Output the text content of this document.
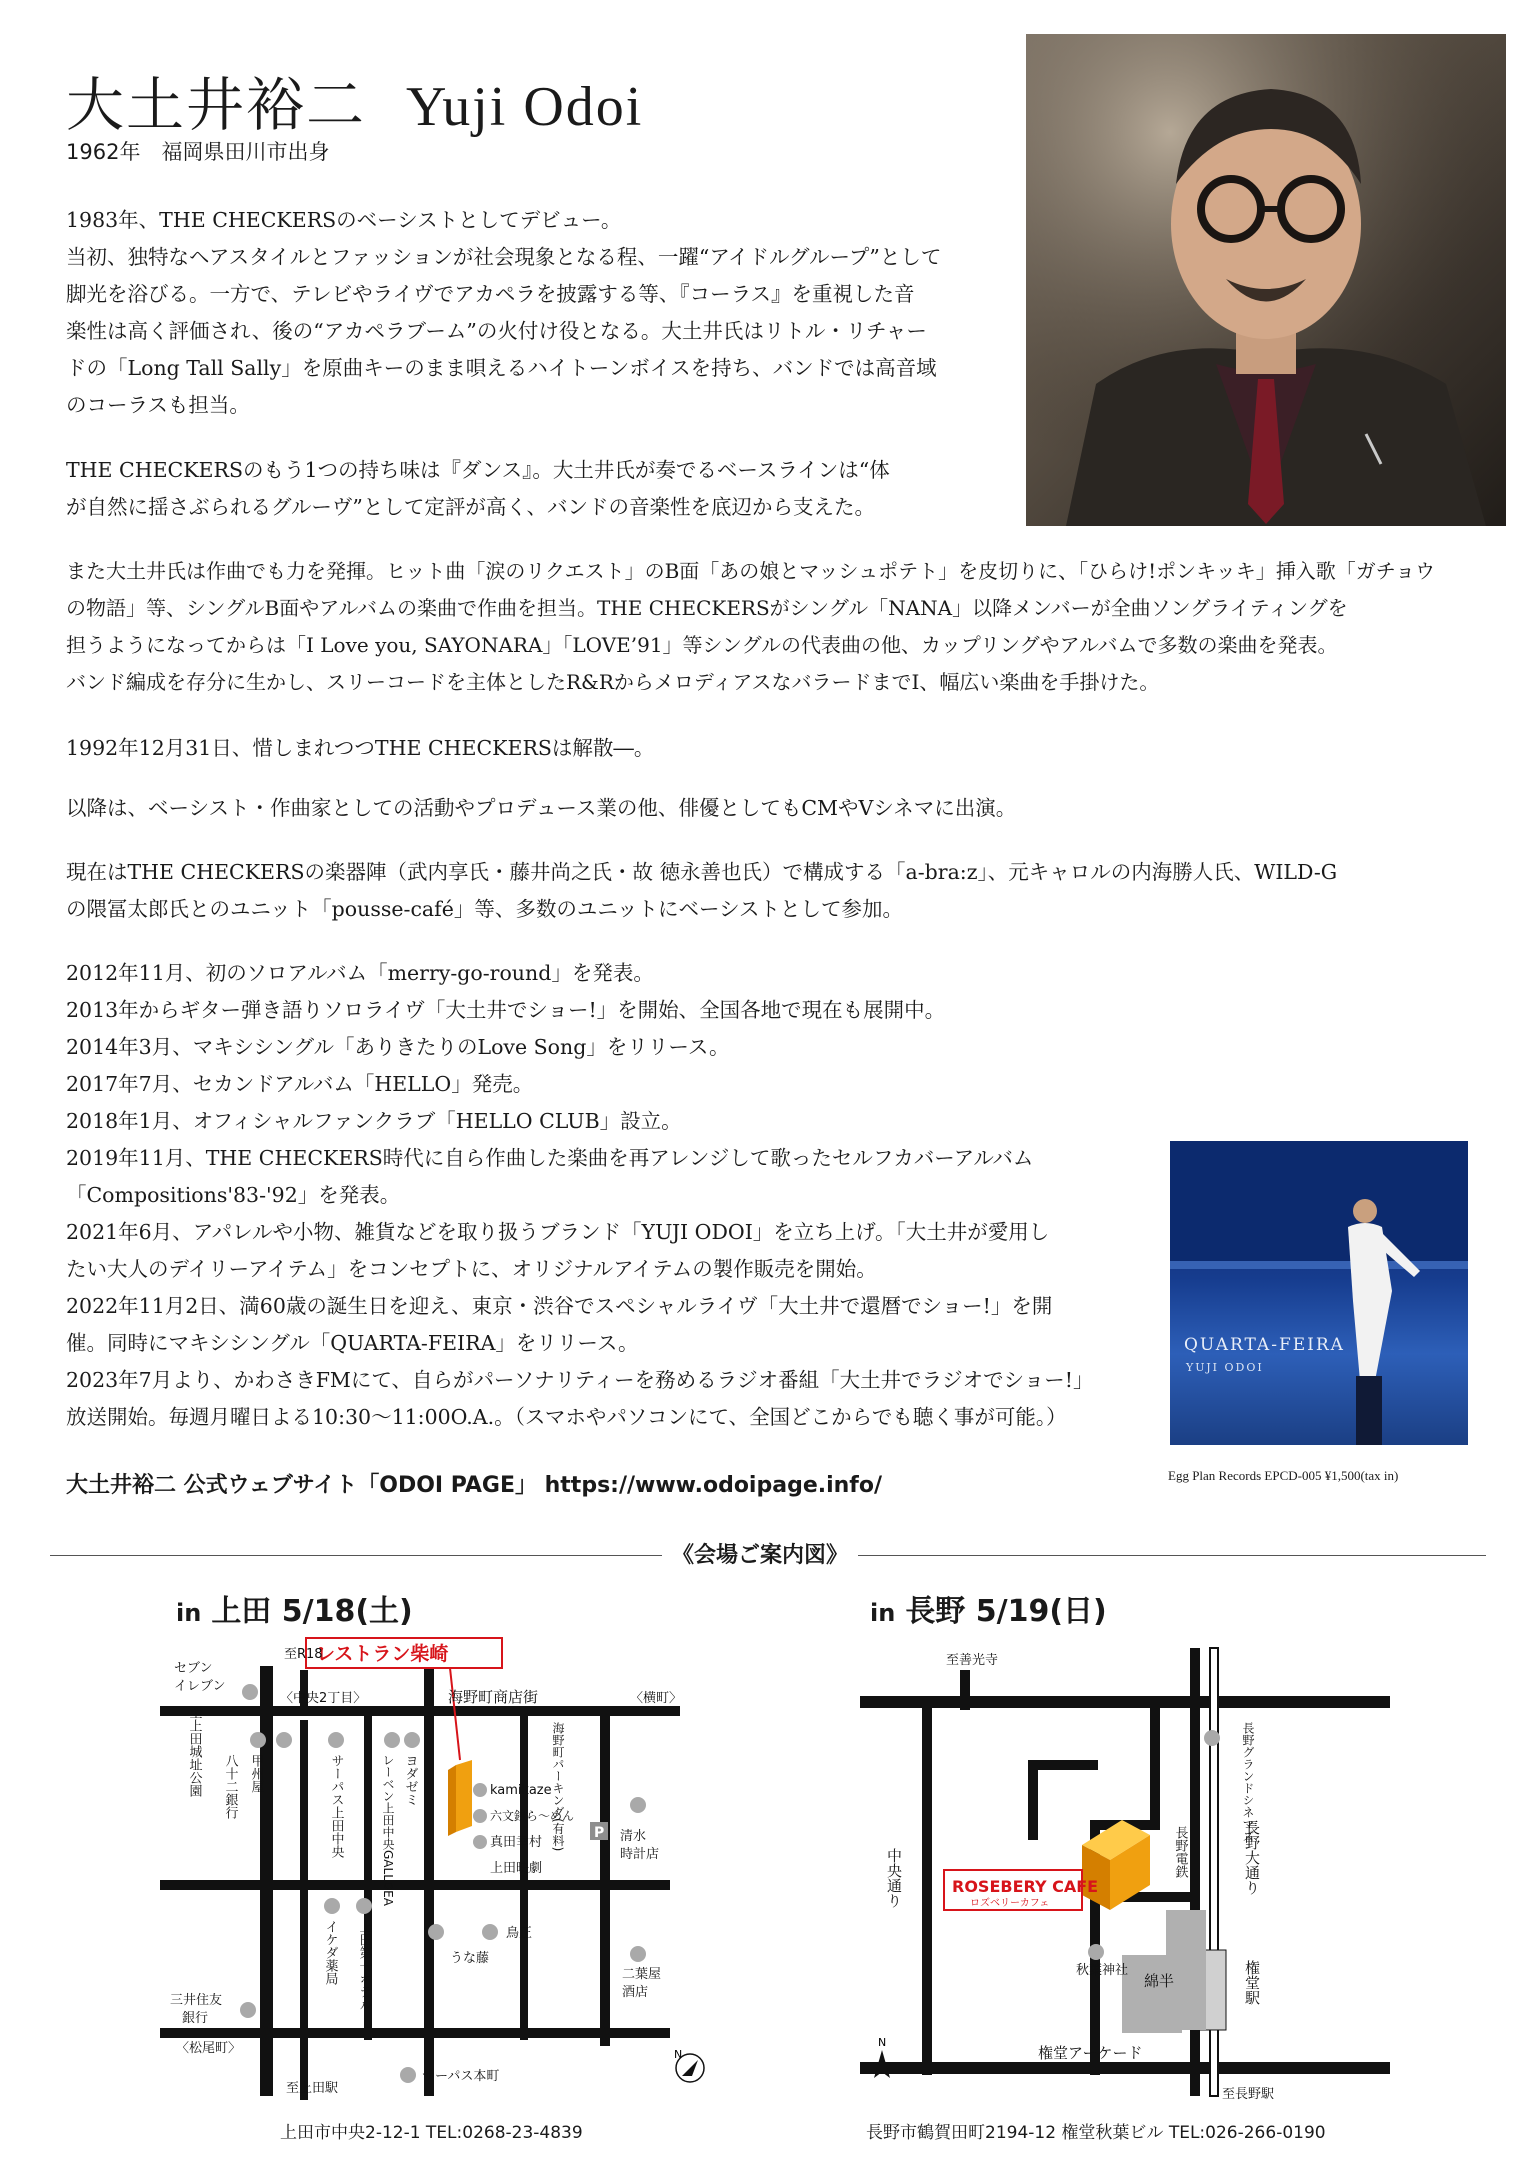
大土井裕二 Yuji Odoi
1962年　福岡県田川市出身
1983年、THE CHECKERSのベーシストとしてデビュー。
当初、独特なヘアスタイルとファッションが社会現象となる程、一躍“アイドルグループ”として
脚光を浴びる。一方で、テレビやライヴでアカペラを披露する等、『コーラス』を重視した音
楽性は高く評価され、後の“アカペラブーム”の火付け役となる。大土井氏はリトル・リチャー
ドの「Long Tall Sally」を原曲キーのまま唄えるハイトーンボイスを持ち、バンドでは高音域
のコーラスも担当。
THE CHECKERSのもう1つの持ち味は『ダンス』。大土井氏が奏でるベースラインは“体
が自然に揺さぶられるグルーヴ”として定評が高く、バンドの音楽性を底辺から支えた。
また大土井氏は作曲でも力を発揮。ヒット曲「涙のリクエスト」のB面「あの娘とマッシュポテト」を皮切りに、「ひらけ!ポンキッキ」挿入歌「ガチョウ
の物語」等、シングルB面やアルバムの楽曲で作曲を担当。THE CHECKERSがシングル「NANA」以降メンバーが全曲ソングライティングを
担うようになってからは「I Love you, SAYONARA」「LOVE’91」等シングルの代表曲の他、カップリングやアルバムで多数の楽曲を発表。
バンド編成を存分に生かし、スリーコードを主体としたR&RからメロディアスなバラードまでⅠ、幅広い楽曲を手掛けた。
1992年12月31日、惜しまれつつTHE CHECKERSは解散―。
以降は、ベーシスト・作曲家としての活動やプロデュース業の他、俳優としてもCMやVシネマに出演。
現在はTHE CHECKERSの楽器陣（武内享氏・藤井尚之氏・故 徳永善也氏）で構成する「a-bra:z」、元キャロルの内海勝人氏、WILD-G
の隈冨太郎氏とのユニット「pousse-café」等、多数のユニットにベーシストとして参加。
2012年11月、初のソロアルバム「merry-go-round」を発表。
2013年からギター弾き語りソロライヴ「大土井でショー!」を開始、全国各地で現在も展開中。
2014年3月、マキシシングル「ありきたりのLove Song」をリリース。
2017年7月、セカンドアルバム「HELLO」発売。
2018年1月、オフィシャルファンクラブ「HELLO CLUB」設立。
2019年11月、THE CHECKERS時代に自ら作曲した楽曲を再アレンジして歌ったセルフカバーアルバム
「Compositions'83-'92」を発表。
2021年6月、アパレルや小物、雑貨などを取り扱うブランド「YUJI ODOI」を立ち上げ。「大土井が愛用し
たい大人のデイリーアイテム」をコンセプトに、オリジナルアイテムの製作販売を開始。
2022年11月2日、満60歳の誕生日を迎え、東京・渋谷でスペシャルライヴ「大土井で還暦でショー!」を開
催。同時にマキシシングル「QUARTA-FEIRA」をリリース。
2023年7月より、かわさきFMにて、自らがパーソナリティーを務めるラジオ番組「大土井でラジオでショー!」
放送開始。毎週月曜日よる10:30～11:00O.A.。（スマホやパソコンにて、全国どこからでも聴く事が可能。）
QUARTA-FEIRA
YUJI ODOI
Egg Plan Records EPCD-005 ¥1,500(tax in)
大土井裕二 公式ウェブサイト「ODOI PAGE」 https://www.odoipage.info/
《会場ご案内図》
in 上田 5/18(土)
P
レストラン柴崎
至R18
セブン
イレブン
〈中央2丁目〉	海野町商店街	〈横町〉
kamikaze
六文銭ら～めん
真田幸村
上田映劇
清水
時計店
うな藤
鳥正
二葉屋
酒店
三井住友
銀行
〈松尾町〉
至上田駅
サーパス本町
至上田城址公園 八十二銀行 甲州屋	サーパス上田中央	レーベン上田中央GALLDEA ヨダゼミ	海野町パーキング(有料)
イケダ薬局 上田第一ホテル
N
上田市中央2-12-1 TEL:0268-23-4839
in 長野 5/19(日)
ROSEBERY CAFE
ロズベリーカフェ
至善光寺
秋葉神社
綿半
権堂アーケード
至長野駅
長野グランドシネマズ
中央通り	長野電鉄	長野大通り
権堂駅
N
長野市鶴賀田町2194-12 権堂秋葉ビル TEL:026-266-0190
